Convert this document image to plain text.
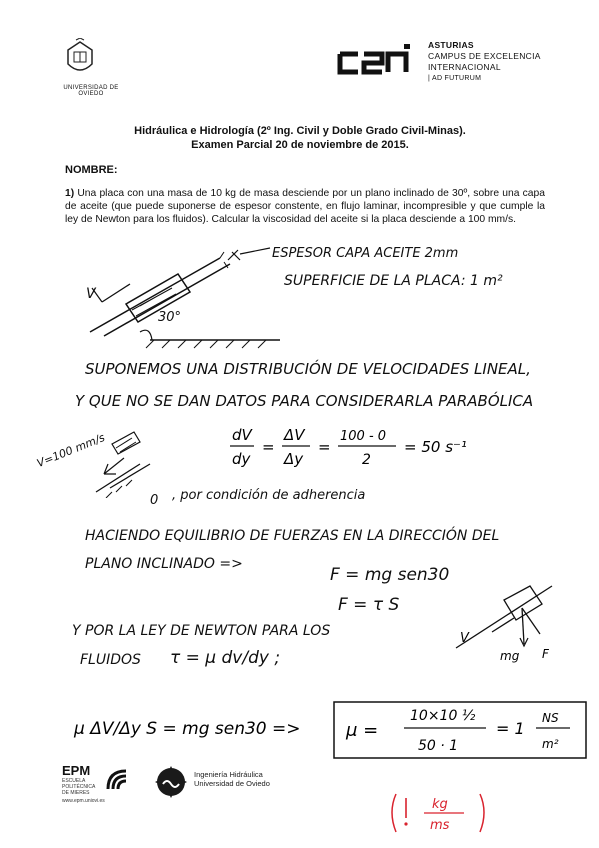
UNIVERSIDAD DE OVIEDO
ASTURIAS
CAMPUS DE EXCELENCIA
INTERNACIONAL
| AD FUTURUM
Hidráulica e Hidrología (2º Ing. Civil y Doble Grado Civil-Minas).
Examen Parcial 20 de noviembre de 2015.
NOMBRE:
1) Una placa con una masa de 10 kg de masa desciende por un plano inclinado de 30º, sobre una capa de aceite (que puede suponerse de espesor constente, en flujo laminar, incompresible y que cumple la ley de Newton para los fluidos). Calcular la viscosidad del aceite si la placa desciende a 100 mm/s.
ESPESOR CAPA ACEITE 2mm
SUPERFICIE DE LA PLACA: 1 m²
V
30°
SUPONEMOS UNA DISTRIBUCIÓN DE VELOCIDADES LINEAL,
Y QUE NO SE DAN DATOS PARA CONSIDERARLA PARABÓLICA
dV
dy
=
ΔV
Δy
=
100 - 0
2
= 50 s⁻¹
V=100 mm/s
0 , por condición de adherencia
HACIENDO EQUILIBRIO DE FUERZAS EN LA DIRECCIÓN DEL
PLANO INCLINADO =>
F = mg sen30
F = τ S
V
mg F
Y POR LA LEY DE NEWTON PARA LOS
FLUIDOS τ = μ dv/dy ;
μ ΔV/Δy S = mg sen30 =>	μ =
10×10 ½
50 · 1
= 1
NS
m²
kg
ms
EPM
ESCUELA POLITÉCNICA DE MIERES
www.epm.uniovi.es
Ingeniería Hidráulica
Universidad de Oviedo
